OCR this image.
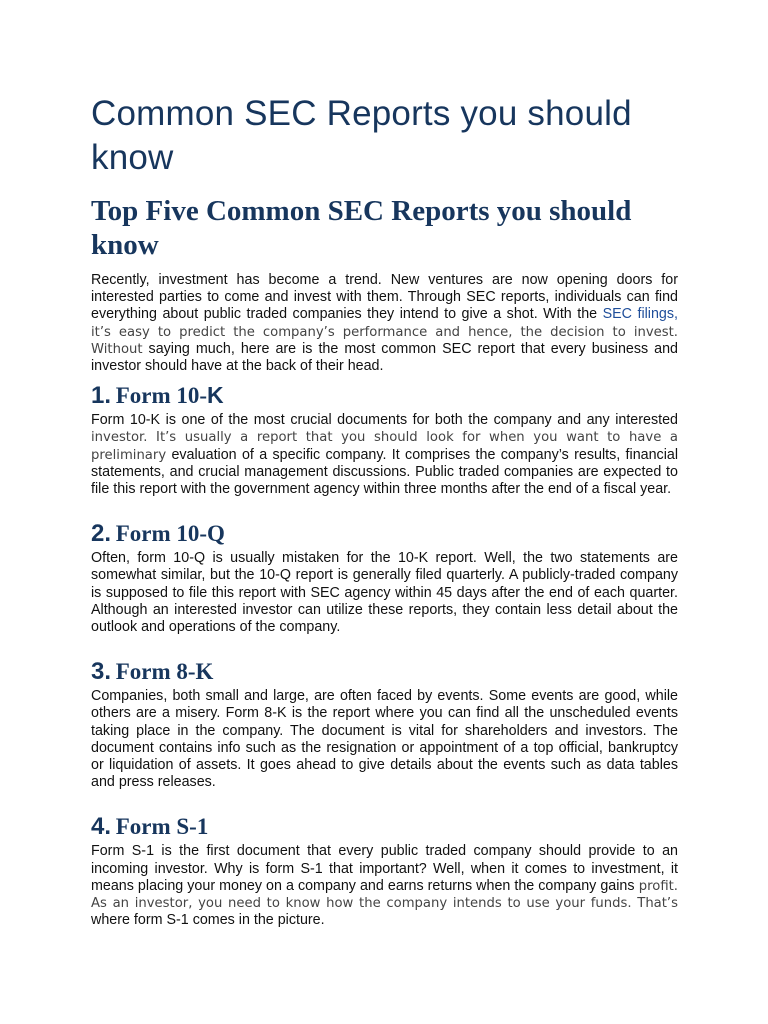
Common SEC Reports you should know
Top Five Common SEC Reports you should know

Recently, investment has become a trend. New ventures are now opening doors for interested parties to come and invest with them. Through SEC reports, individuals can find everything about public traded companies they intend to give a shot. With the SEC filings, it’s easy to predict the company’s performance and hence, the decision to invest. Without saying much, here are is the most common SEC report that every business and investor should have at the back of their head.

1. Form 10-K

Form 10-K is one of the most crucial documents for both the company and any interested investor. It’s usually a report that you should look for when you want to have a preliminary evaluation of a specific company. It comprises the company’s results, financial statements, and crucial management discussions. Public traded companies are expected to file this report with the government agency within three months after the end of a fiscal year.

2. Form 10-Q

Often, form 10-Q is usually mistaken for the 10-K report. Well, the two statements are somewhat similar, but the 10-Q report is generally filed quarterly. A publicly-traded company is supposed to file this report with SEC agency within 45 days after the end of each quarter. Although an interested investor can utilize these reports, they contain less detail about the outlook and operations of the company.

3. Form 8-K

Companies, both small and large, are often faced by events. Some events are good, while others are a misery. Form 8-K is the report where you can find all the unscheduled events taking place in the company. The document is vital for shareholders and investors. The document contains info such as the resignation or appointment of a top official, bankruptcy or liquidation of assets. It goes ahead to give details about the events such as data tables and press releases.

4. Form S-1

Form S-1 is the first document that every public traded company should provide to an incoming investor. Why is form S-1 that important? Well, when it comes to investment, it means placing your money on a company and earns returns when the company gains profit. As an investor, you need to know how the company intends to use your funds. That’s where form S-1 comes in the picture.
